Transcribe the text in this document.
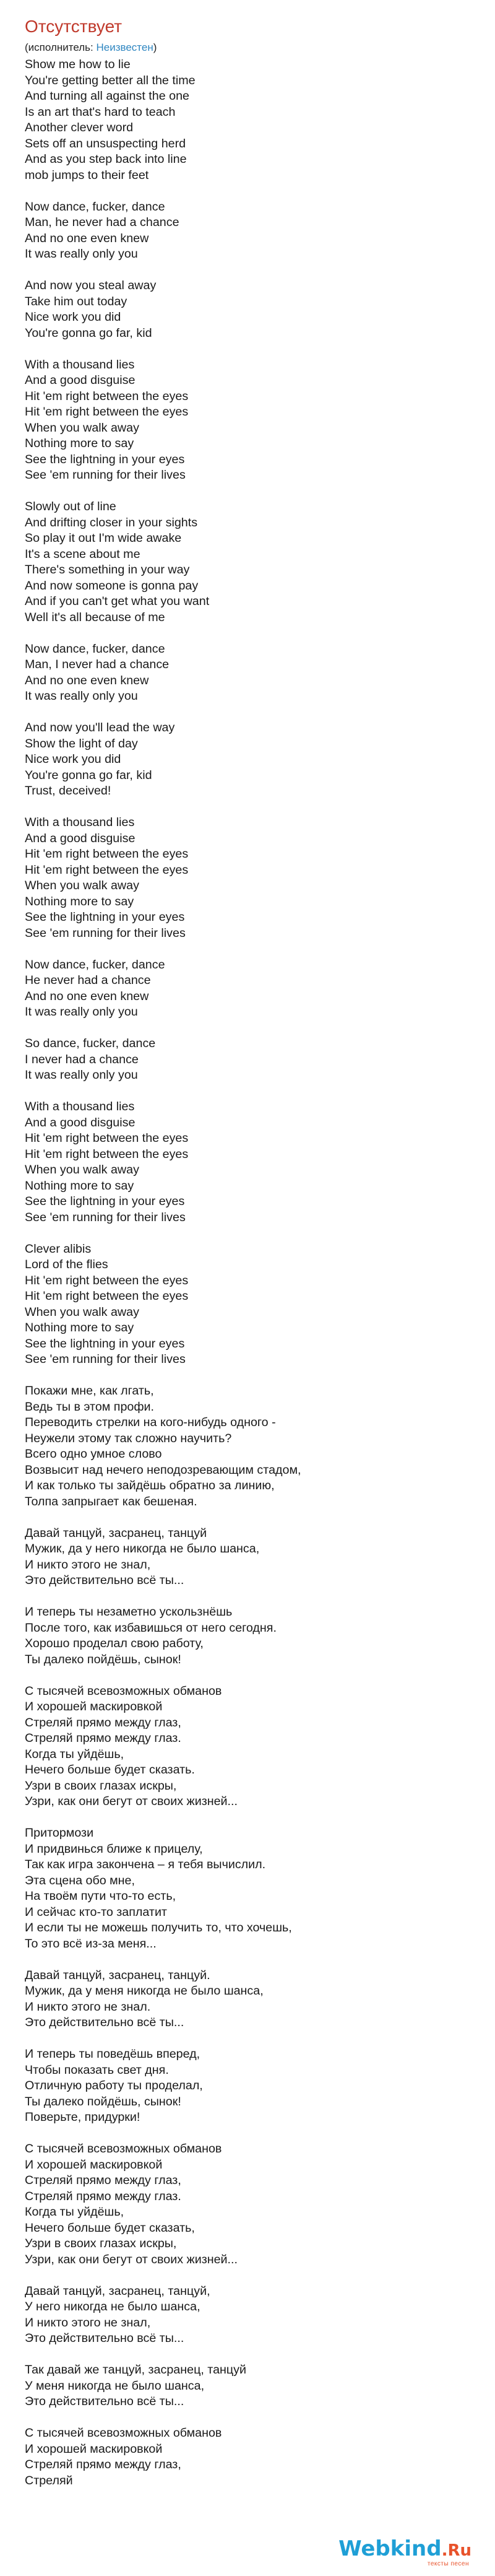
Отсутствует
(исполнитель: Неизвестен)
Show me how to lie
You're getting better all the time
And turning all against the one
Is an art that's hard to teach
Another clever word
Sets off an unsuspecting herd
And as you step back into line
mob jumps to their feet
Now dance, fucker, dance
Man, he never had a chance
And no one even knew
It was really only you
And now you steal away
Take him out today
Nice work you did
You're gonna go far, kid
With a thousand lies
And a good disguise
Hit 'em right between the eyes
Hit 'em right between the eyes
When you walk away
Nothing more to say
See the lightning in your eyes
See 'em running for their lives
Slowly out of line
And drifting closer in your sights
So play it out I'm wide awake
It's a scene about me
There's something in your way
And now someone is gonna pay
And if you can't get what you want
Well it's all because of me
Now dance, fucker, dance
Man, I never had a chance
And no one even knew
It was really only you
And now you'll lead the way
Show the light of day
Nice work you did
You're gonna go far, kid
Trust, deceived!
With a thousand lies
And a good disguise
Hit 'em right between the eyes
Hit 'em right between the eyes
When you walk away
Nothing more to say
See the lightning in your eyes
See 'em running for their lives
Now dance, fucker, dance
He never had a chance
And no one even knew
It was really only you
So dance, fucker, dance
I never had a chance
It was really only you
With a thousand lies
And a good disguise
Hit 'em right between the eyes
Hit 'em right between the eyes
When you walk away
Nothing more to say
See the lightning in your eyes
See 'em running for their lives
Clever alibis
Lord of the flies
Hit 'em right between the eyes
Hit 'em right between the eyes
When you walk away
Nothing more to say
See the lightning in your eyes
See 'em running for their lives
Покажи мне, как лгать,
Ведь ты в этом профи.
Переводить стрелки на кого-нибудь одного -
Неужели этому так сложно научить?
Всего одно умное слово
Возвысит над нечего неподозревающим стадом,
И как только ты зайдёшь обратно за линию,
Толпа запрыгает как бешеная.
Давай танцуй, засранец, танцуй
Мужик, да у него никогда не было шанса,
И никто этого не знал,
Это действительно всё ты...
И теперь ты незаметно ускользнёшь
После того, как избавишься от него сегодня.
Хорошо проделал свою работу,
Ты далеко пойдёшь, сынок!
С тысячей всевозможных обманов
И хорошей маскировкой
Стреляй прямо между глаз,
Стреляй прямо между глаз.
Когда ты уйдёшь,
Нечего больше будет сказать.
Узри в своих глазах искры,
Узри, как они бегут от своих жизней...
Притормози
И придвинься ближе к прицелу,
Так как игра закончена – я тебя вычислил.
Эта сцена обо мне,
На твоём пути что-то есть,
И сейчас кто-то заплатит
И если ты не можешь получить то, что хочешь,
То это всё из-за меня...
Давай танцуй, засранец, танцуй.
Мужик, да у меня никогда не было шанса,
И никто этого не знал.
Это действительно всё ты...
И теперь ты поведёшь вперед,
Чтобы показать свет дня.
Отличную работу ты проделал,
Ты далеко пойдёшь, сынок!
Поверьте, придурки!
С тысячей всевозможных обманов
И хорошей маскировкой
Стреляй прямо между глаз,
Стреляй прямо между глаз.
Когда ты уйдёшь,
Нечего больше будет сказать,
Узри в своих глазах искры,
Узри, как они бегут от своих жизней...
Давай танцуй, засранец, танцуй,
У него никогда не было шанса,
И никто этого не знал,
Это действительно всё ты...
Так давай же танцуй, засранец, танцуй
У меня никогда не было шанса,
Это действительно всё ты...
С тысячей всевозможных обманов
И хорошей маскировкой
Стреляй прямо между глаз,
Стреляй
Webkind.Ru
тексты песен
